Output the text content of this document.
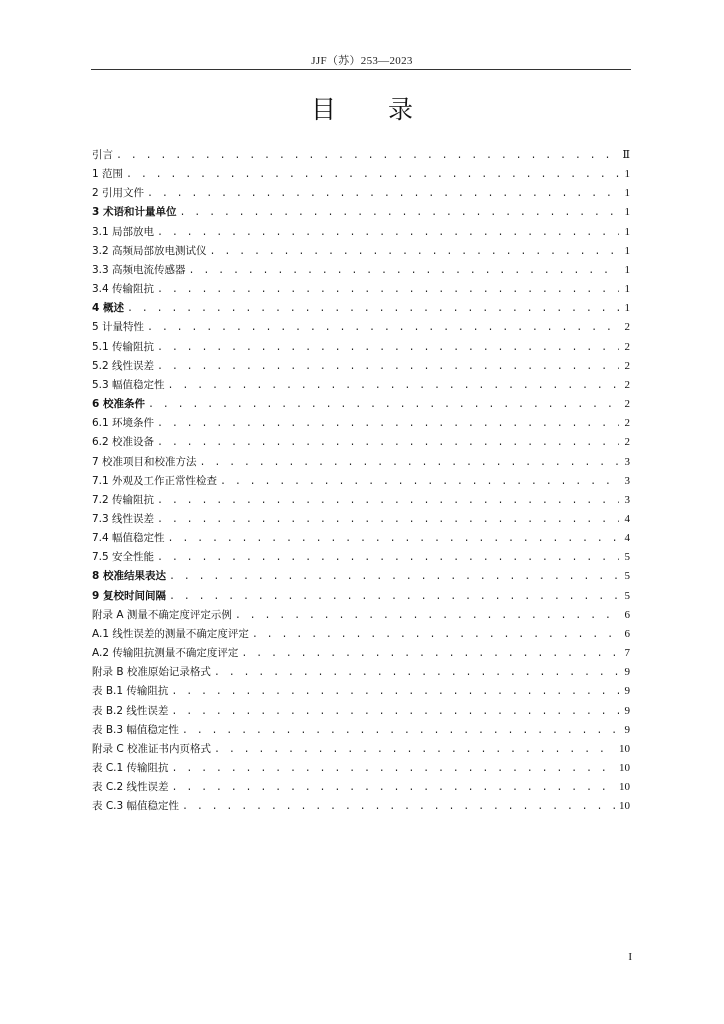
JJF（苏）253—2023
目 录
引言 . . .	Ⅱ
1 范围 . . .	1
2 引用文件 . . .	1
3 术语和计量单位 . . .	1
3.1 局部放电 . . .	1
3.2 高频局部放电测试仪 . . .	1
3.3 高频电流传感器 . . .	1
3.4 传输阻抗 . . .	1
4 概述 . . .	1
5 计量特性 . . .	2
5.1 传输阻抗 . . .	2
5.2 线性误差 . . .	2
5.3 幅值稳定性 . . .	2
6 校准条件 . . .	2
6.1 环境条件 . . .	2
6.2 校准设备 . . .	2
7 校准项目和校准方法 . . .	3
7.1 外观及工作正常性检查 . . .	3
7.2 传输阻抗 . . .	3
7.3 线性误差 . . .	4
7.4 幅值稳定性 . . .	4
7.5 安全性能 . . .	5
8 校准结果表达 . . .	5
9 复校时间间隔 . . .	5
附录 A 测量不确定度评定示例 . . .	6
A.1 线性误差的测量不确定度评定 . . .	6
A.2 传输阻抗测量不确定度评定 . . .	7
附录 B 校准原始记录格式 . . .	9
表 B.1 传输阻抗 . . .	9
表 B.2 线性误差 . . .	9
表 B.3 幅值稳定性 . . .	9
附录 C 校准证书内页格式 . . .	10
表 C.1 传输阻抗 . . .	10
表 C.2 线性误差 . . .	10
表 C.3 幅值稳定性 . . .	10
I
